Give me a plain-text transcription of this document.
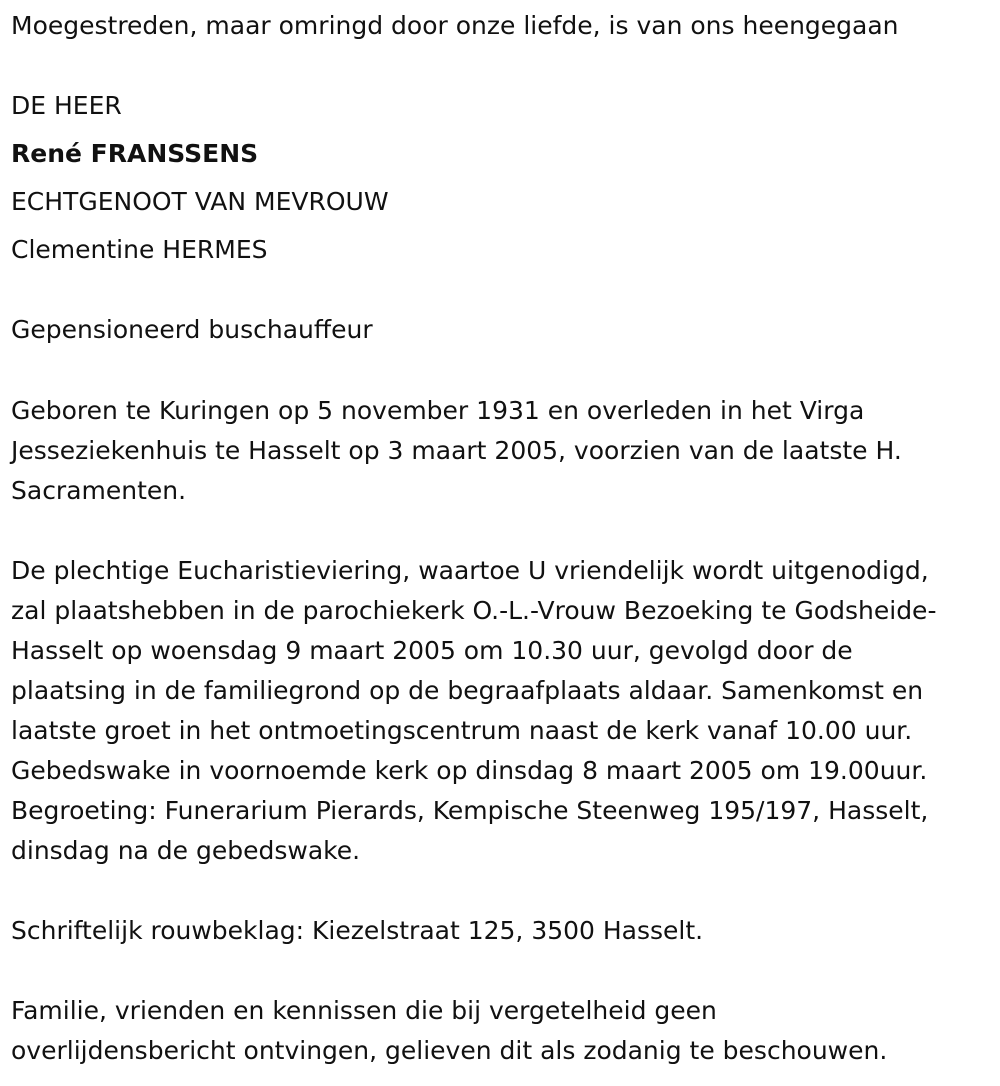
Moegestreden, maar omringd door onze liefde, is van ons heengegaan
DE HEER
René FRANSSENS
ECHTGENOOT VAN MEVROUW
Clementine HERMES
Gepensioneerd buschauffeur
Geboren te Kuringen op 5 november 1931 en overleden in het Virga
Jesseziekenhuis te Hasselt op 3 maart 2005, voorzien van de laatste H.
Sacramenten.
De plechtige Eucharistieviering, waartoe U vriendelijk wordt uitgenodigd,
zal plaatshebben in de parochiekerk O.-L.-Vrouw Bezoeking te Godsheide-
Hasselt op woensdag 9 maart 2005 om 10.30 uur, gevolgd door de
plaatsing in de familiegrond op de begraafplaats aldaar. Samenkomst en
laatste groet in het ontmoetingscentrum naast de kerk vanaf 10.00 uur.
Gebedswake in voornoemde kerk op dinsdag 8 maart 2005 om 19.00uur.
Begroeting: Funerarium Pierards, Kempische Steenweg 195/197, Hasselt,
dinsdag na de gebedswake.
Schriftelijk rouwbeklag: Kiezelstraat 125, 3500 Hasselt.
Familie, vrienden en kennissen die bij vergetelheid geen
overlijdensbericht ontvingen, gelieven dit als zodanig te beschouwen.
